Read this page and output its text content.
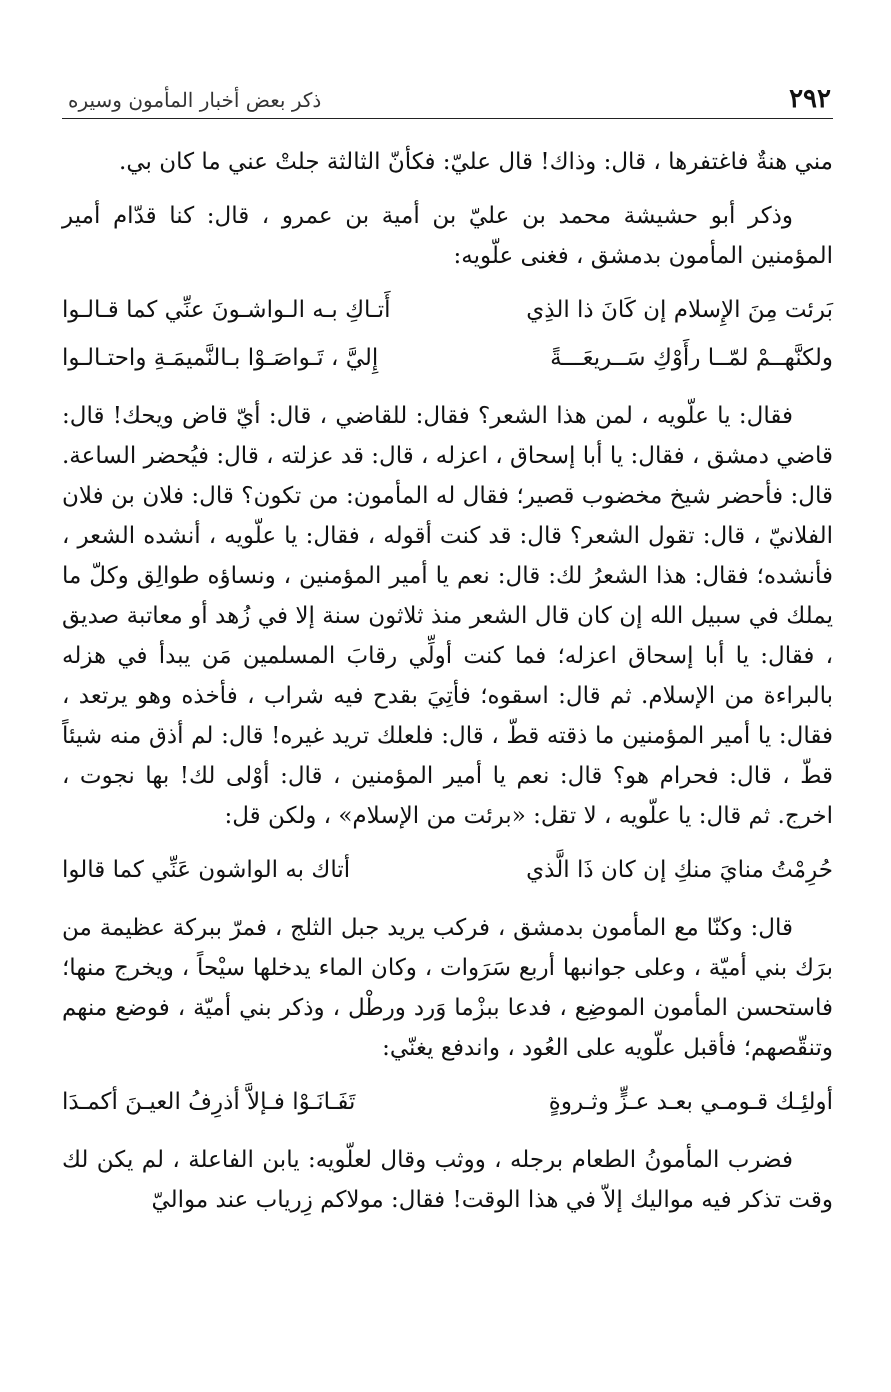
٢٩٢
ذكر بعض أخبار المأمون وسيره

مني هنةٌ فاغتفرها ، قال: وذاك! قال عليّ: فكأنّ الثالثة جلتْ عني ما كان بي.

وذكر أبو حشيشة محمد بن عليّ بن أمية بن عمرو ، قال: كنا قدّام أمير المؤمنين المأمون بدمشق ، فغنى علّويه:

بَرئت مِنَ الإِسلام إن كَانَ ذا الذِي
أَتـاكِ بـه الـواشـونَ عنِّي كما قـالـوا
ولكنَّهــمْ لمّــا رأَوْكِ سَــريعَـــةً
إِليَّ ، تَـواصَـوْا بـالنَّميمَـةِ واحتـالـوا

فقال: يا علّويه ، لمن هذا الشعر؟ فقال: للقاضي ، قال: أيّ قاض ويحك! قال: قاضي دمشق ، فقال: يا أبا إسحاق ، اعزله ، قال: قد عزلته ، قال: فيُحضر الساعة. قال: فأحضر شيخ مخضوب قصير؛ فقال له المأمون: من تكون؟ قال: فلان بن فلان الفلانيّ ، قال: تقول الشعر؟ قال: قد كنت أقوله ، فقال: يا علّويه ، أنشده الشعر ، فأنشده؛ فقال: هذا الشعرُ لك: قال: نعم يا أمير المؤمنين ، ونساؤه طوالِق وكلّ ما يملك في سبيل الله إن كان قال الشعر منذ ثلاثون سنة إلا في زُهد أو معاتبة صديق ، فقال: يا أبا إسحاق اعزله؛ فما كنت أولِّي رقابَ المسلمين مَن يبدأ في هزله بالبراءة من الإسلام. ثم قال: اسقوه؛ فأتِيَ بقدح فيه شراب ، فأخذه وهو يرتعد ، فقال: يا أمير المؤمنين ما ذقته قطّ ، قال: فلعلك تريد غيره! قال: لم أذق منه شيئاً قطّ ، قال: فحرام هو؟ قال: نعم يا أمير المؤمنين ، قال: أوْلى لك! بها نجوت ، اخرج. ثم قال: يا علّويه ، لا تقل: «برئت من الإسلام» ، ولكن قل:

حُرِمْتُ منايَ منكِ إن كان ذَا الَّذي
أتاك به الواشون عَنِّي كما قالوا

قال: وكنّا مع المأمون بدمشق ، فركب يريد جبل الثلج ، فمرّ ببركة عظيمة من برَك بني أميّة ، وعلى جوانبها أربع سَرَوات ، وكان الماء يدخلها سيْحاً ، ويخرج منها؛ فاستحسن المأمون الموضِع ، فدعا ببزْما وَرد ورطْل ، وذكر بني أميّة ، فوضع منهم وتنقّصهم؛ فأقبل علّويه على العُود ، واندفع يغنّي:

أولئِـك قـومـي بعـد عـزٍّ وثـروةٍ
تَفَـانَـوْا فـإلاَّ أذرِفُ العيـنَ أكمـدَا

فضرب المأمونُ الطعام برجله ، ووثب وقال لعلّويه: يابن الفاعلة ، لم يكن لك وقت تذكر فيه مواليك إلاّ في هذا الوقت! فقال: مولاكم زِرياب عند مواليّ
